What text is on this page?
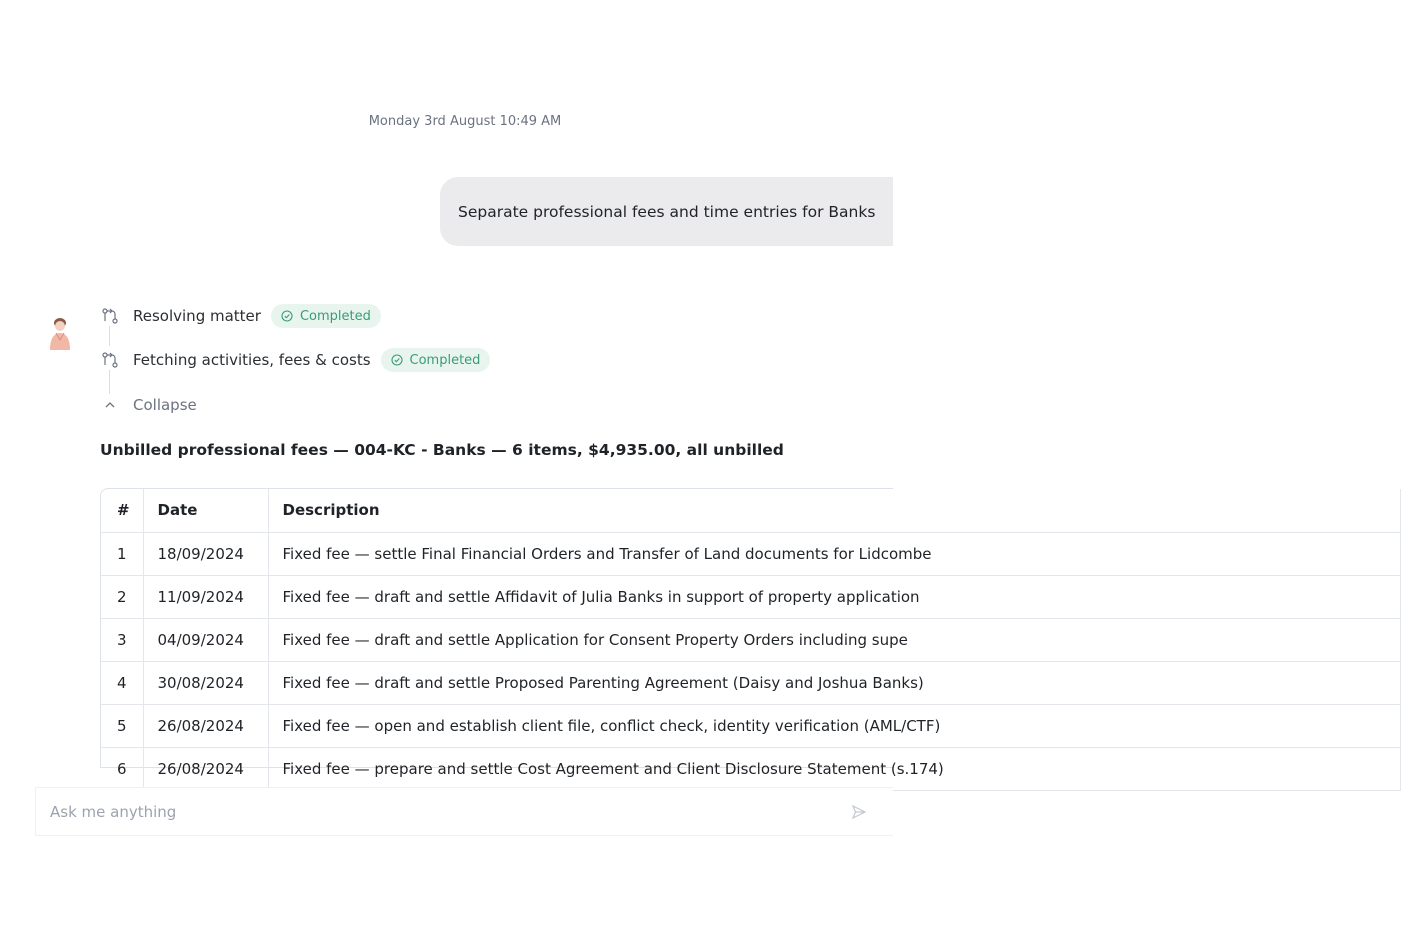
Monday 3rd August 10:49 AM
Separate professional fees and time entries for Banks
Resolving matter	Completed
Fetching activities, fees & costs	Completed
Collapse
Unbilled professional fees — 004-KC - Banks — 6 items, $4,935.00, all unbilled
#	Date	Description
1	18/09/2024	Fixed fee — settle Final Financial Orders and Transfer of Land documents for Lidcombe
2	11/09/2024	Fixed fee — draft and settle Affidavit of Julia Banks in support of property application
3	04/09/2024	Fixed fee — draft and settle Application for Consent Property Orders including supe
4	30/08/2024	Fixed fee — draft and settle Proposed Parenting Agreement (Daisy and Joshua Banks)
5	26/08/2024	Fixed fee — open and establish client file, conflict check, identity verification (AML/CTF)
6	26/08/2024	Fixed fee — prepare and settle Cost Agreement and Client Disclosure Statement (s.174)
Ask me anything
